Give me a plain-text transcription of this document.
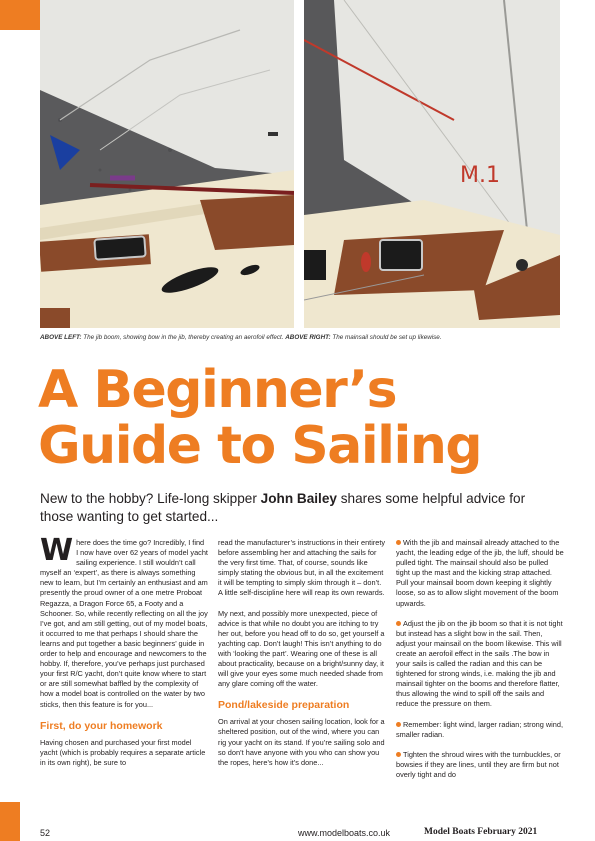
M.1
ABOVE LEFT: The jib boom, showing bow in the jib, thereby creating an aerofoil effect. ABOVE RIGHT: The mainsail should be set up likewise.
A Beginner’s
Guide to Sailing
New to the hobby? Life-long skipper John Bailey shares some helpful advice for those wanting to get started...

Where does the time go? Incredibly, I find I now have over 62 years of model yacht sailing experience. I still wouldn’t call myself an ‘expert’, as there is always something new to learn, but I’m certainly an enthusiast and am presently the proud owner of a one metre Proboat Regazza, a Dragon Force 65, a Footy and a Schooner. So, while recently reflecting on all the joy I’ve got, and am still getting, out of my model boats, it occurred to me that perhaps I should share the learns and put together a basic beginners’ guide in order to help and encourage and newcomers to the hobby. If, therefore, you’ve perhaps just purchased your first R/C yacht, don’t quite know where to start or are still somewhat baffled by the complexity of how a model boat is controlled on the water by two sticks, then this feature is for you...

First, do your homework

Having chosen and purchased your first model yacht (which is probably requires a separate article in its own right), be sure to

read the manufacturer’s instructions in their entirety before assembling her and attaching the sails for the very first time. That, of course, sounds like simply stating the obvious but, in all the excitement it will be tempting to simply skim through it – don’t. A little self-discipline here will reap its own rewards.

My next, and possibly more unexpected, piece of advice is that while no doubt you are itching to try her out, before you head off to do so, get yourself a yachting cap. Don’t laugh! This isn’t anything to do with ‘looking the part’. Wearing one of these is all about practicality, because on a bright/sunny day, it will give your eyes some much needed shade from any glare coming off the water.

Pond/lakeside preparation

On arrival at your chosen sailing location, look for a sheltered position, out of the wind, where you can rig your yacht on its stand. If you’re sailing solo and so don’t have anyone with you who can show you the ropes, here’s how it’s done...

With the jib and mainsail already attached to the yacht, the leading edge of the jib, the luff, should be pulled tight. The mainsail should also be pulled tight up the mast and the kicking strap attached. Pull your mainsail boom down keeping it slightly loose, so as to allow slight movement of the boom upwards.

Adjust the jib on the jib boom so that it is not tight but instead has a slight bow in the sail. Then, adjust your mainsail on the boom likewise. This will create an aerofoil effect in the sails .The bow in your sails is called the radian and this can be tightened for strong winds, i.e. making the jib and mainsail tighter on the booms and therefore flatter, thus allowing the wind to spill off the sails and reduce the pressure on them.

Remember: light wind, larger radian; strong wind, smaller radian.

Tighten the shroud wires with the turnbuckles, or bowsies if they are lines, until they are firm but not overly tight and do

52	www.modelboats.co.uk	Model Boats February 2021
